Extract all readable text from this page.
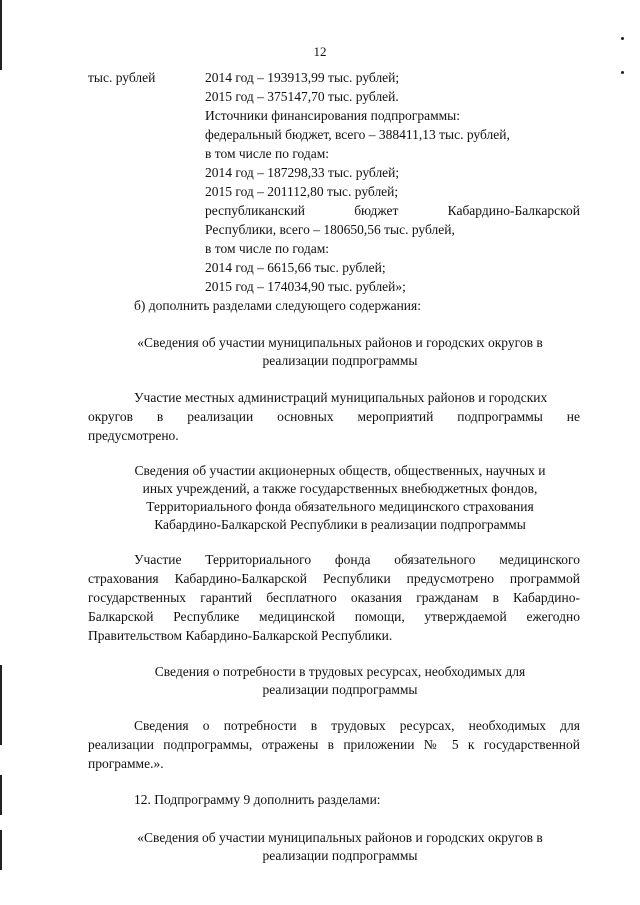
12
тыс. рублей	2014 год – 193913,99 тыс. рублей;
2015 год – 375147,70 тыс. рублей.
Источники финансирования подпрограммы:
федеральный бюджет, всего – 388411,13 тыс. рублей,
в том числе по годам:
2014 год – 187298,33 тыс. рублей;
2015 год – 201112,80 тыс. рублей;
республиканский	бюджет	Кабардино-Балкарской
Республики, всего – 180650,56 тыс. рублей,
в том числе по годам:
2014 год – 6615,66 тыс. рублей;
2015 год – 174034,90 тыс. рублей»;
б) дополнить разделами следующего содержания:
«Сведения об участии муниципальных районов и городских округов в
реализации подпрограммы
Участие местных администраций муниципальных районов и городских
округов в реализации основных мероприятий подпрограммы не
предусмотрено.
Сведения об участии акционерных обществ, общественных, научных и
иных учреждений, а также государственных внебюджетных фондов,
Территориального фонда обязательного медицинского страхования
Кабардино-Балкарской Республики в реализации подпрограммы
Участие Территориального фонда обязательного медицинского
страхования Кабардино-Балкарской Республики предусмотрено программой
государственных гарантий бесплатного оказания гражданам в Кабардино-
Балкарской Республике медицинской помощи, утверждаемой ежегодно
Правительством Кабардино-Балкарской Республики.
Сведения о потребности в трудовых ресурсах, необходимых для
реализации подпрограммы
Сведения о потребности в трудовых ресурсах, необходимых для
реализации подпрограммы, отражены в приложении № 5 к государственной
программе.».
12. Подпрограмму 9 дополнить разделами:
«Сведения об участии муниципальных районов и городских округов в
реализации подпрограммы
